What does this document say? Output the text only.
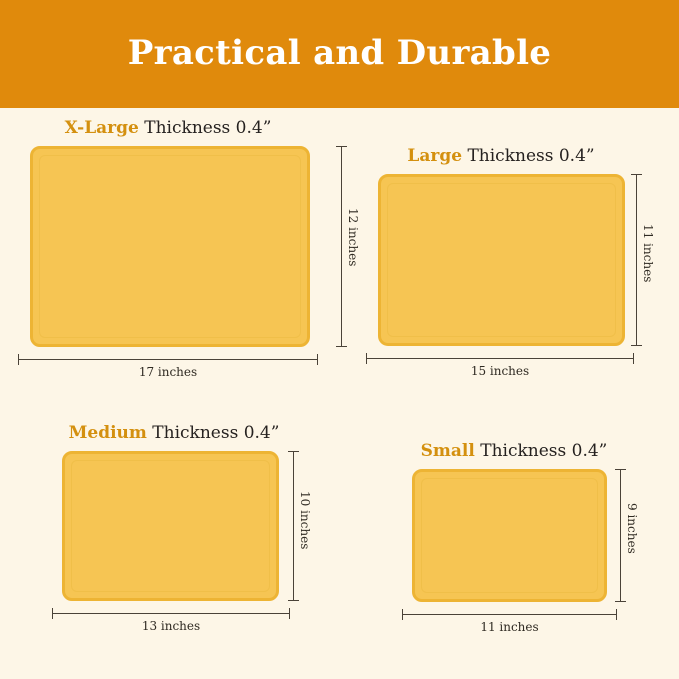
Practical and Durable
X-Large Thickness 0.4”
12 inches
17 inches
Large Thickness 0.4”
11 inches
15 inches
Medium Thickness 0.4”
10 inches
13 inches
Small Thickness 0.4”
9 inches
11 inches
